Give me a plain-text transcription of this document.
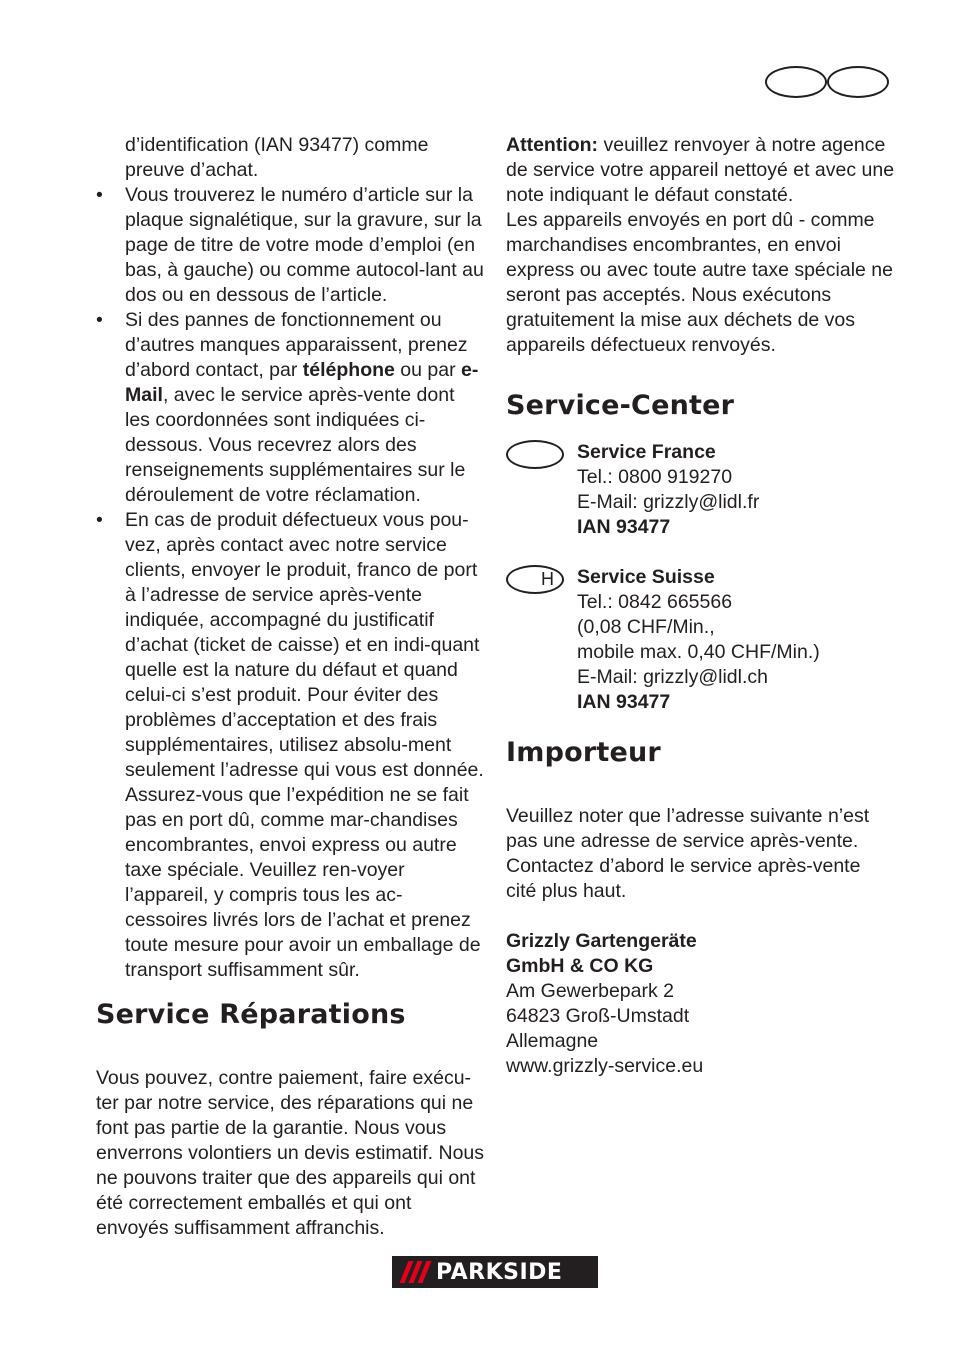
d’identification (IAN 93477) comme preuve d’achat.

• Vous trouverez le numéro d’article sur la plaque signalétique, sur la gravure, sur la page de titre de votre mode d’emploi (en bas, à gauche) ou comme autocol-lant au dos ou en dessous de l’article.
• Si des pannes de fonctionnement ou d’autres manques apparaissent, prenez d’abord contact, par téléphone ou par e-Mail, avec le service après-vente dont les coordonnées sont indiquées ci-dessous. Vous recevrez alors des renseignements supplémentaires sur le déroulement de votre réclamation.
• En cas de produit défectueux vous pou-vez, après contact avec notre service clients, envoyer le produit, franco de port à l’adresse de service après-vente indiquée, accompagné du justificatif d’achat (ticket de caisse) et en indi-quant quelle est la nature du défaut et quand celui-ci s’est produit. Pour éviter des problèmes d’acceptation et des frais supplémentaires, utilisez absolu-ment seulement l’adresse qui vous est donnée. Assurez-vous que l’expédition ne se fait pas en port dû, comme mar-chandises encombrantes, envoi express ou autre taxe spéciale. Veuillez ren-voyer l’appareil, y compris tous les ac-cessoires livrés lors de l’achat et prenez toute mesure pour avoir un emballage de transport suffisamment sûr.
Service Réparations

Vous pouvez, contre paiement, faire exécu-ter par notre service, des réparations qui ne font pas partie de la garantie. Nous vous enverrons volontiers un devis estimatif. Nous ne pouvons traiter que des appareils qui ont été correctement emballés et qui ont envoyés suffisamment affranchis.

Attention: veuillez renvoyer à notre agence de service votre appareil nettoyé et avec une note indiquant le défaut constaté.

Les appareils envoyés en port dû - comme marchandises encombrantes, en envoi express ou avec toute autre taxe spéciale ne seront pas acceptés. Nous exécutons gratuitement la mise aux déchets de vos appareils défectueux renvoyés.

Service-Center

Service France

Tel.: 0800 919270

E-Mail: grizzly@lidl.fr

IAN 93477

H	Service Suisse

Tel.: 0842 665566

(0,08 CHF/Min.,

mobile max. 0,40 CHF/Min.)

E-Mail: grizzly@lidl.ch

IAN 93477

Importeur

Veuillez noter que l’adresse suivante n’est pas une adresse de service après-vente. Contactez d’abord le service après-vente cité plus haut.

Grizzly Gartengeräte

GmbH & CO KG

Am Gewerbepark 2

64823 Groß-Umstadt

Allemagne

www.grizzly-service.eu

PARKSIDE
